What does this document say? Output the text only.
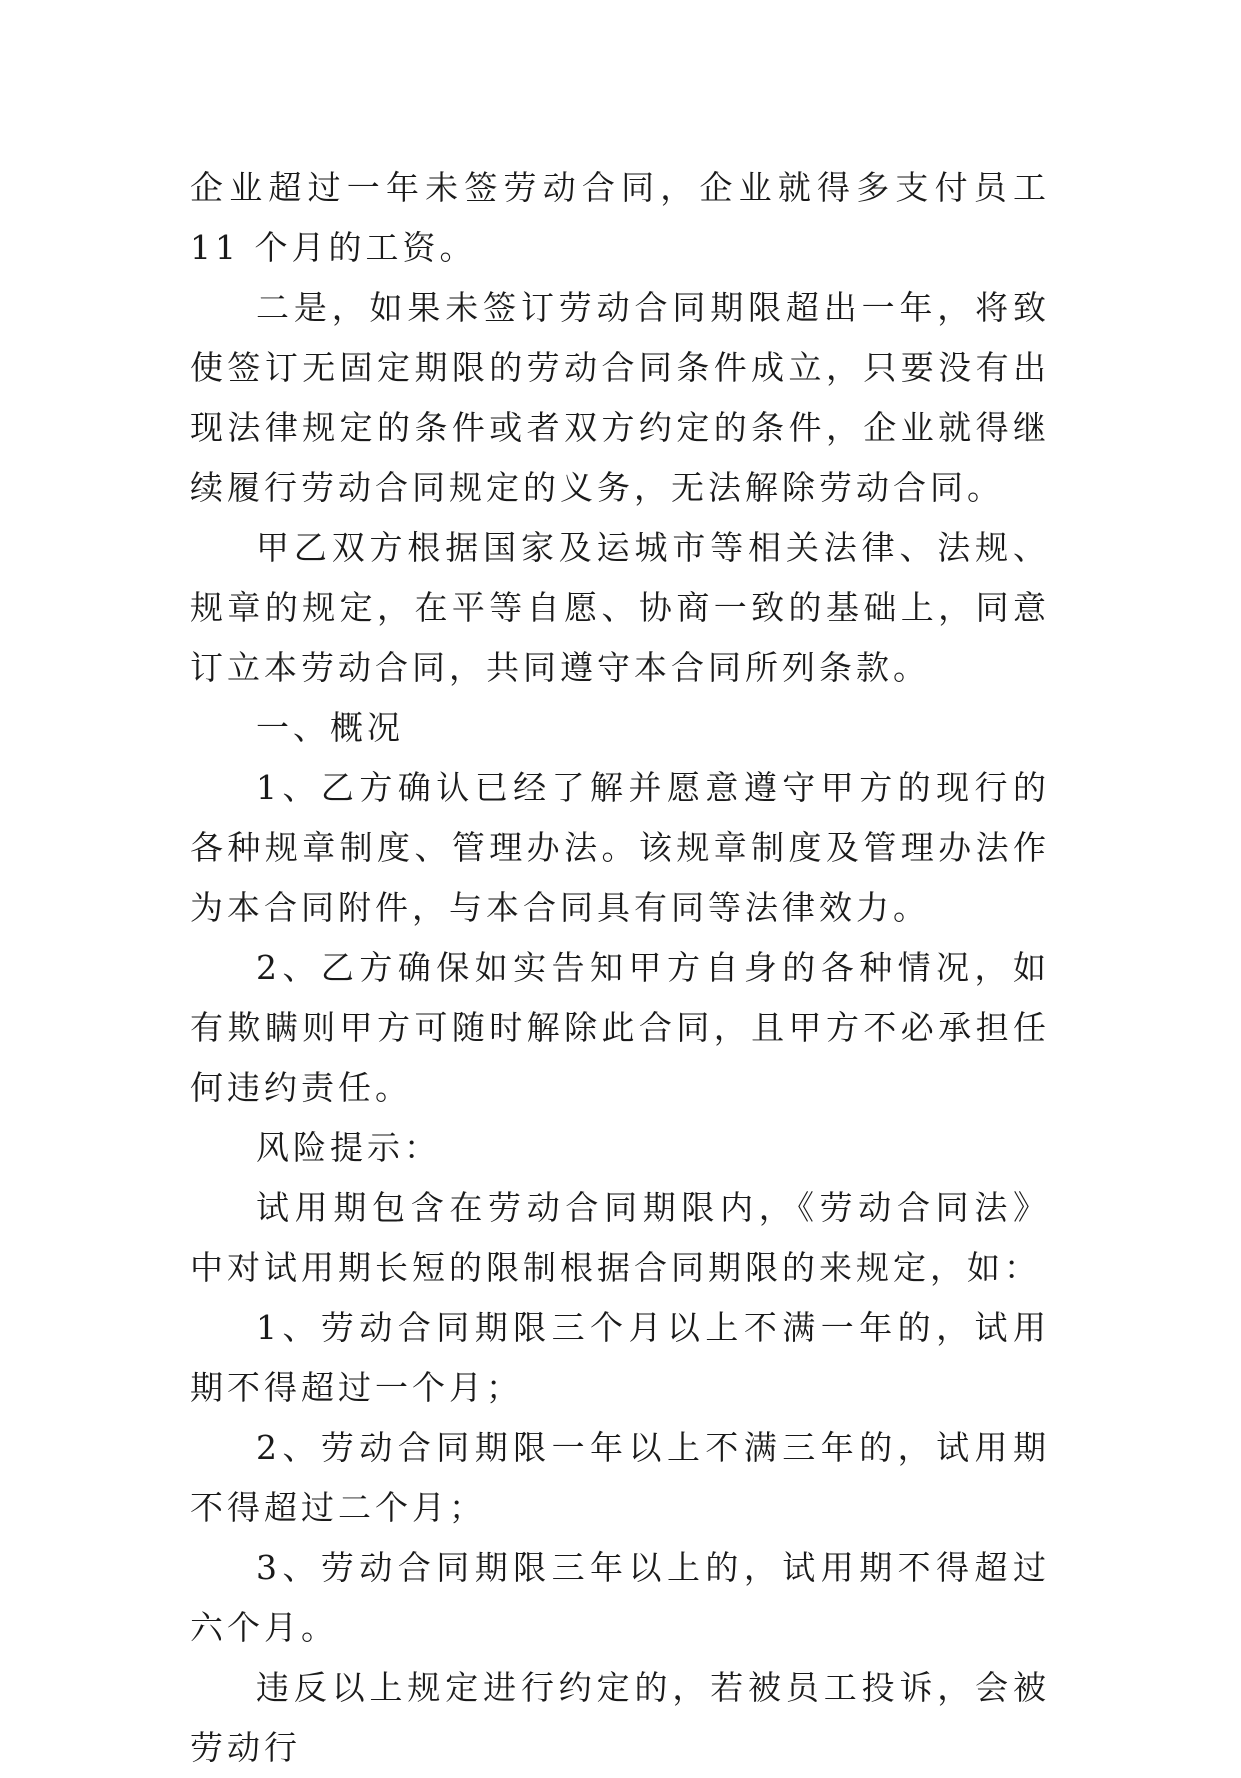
企业超过一年未签劳动合同，企业就得多支付员工 11 个月的工资。

二是，如果未签订劳动合同期限超出一年，将致使签订无固定期限的劳动合同条件成立，只要没有出现法律规定的条件或者双方约定的条件，企业就得继续履行劳动合同规定的义务，无法解除劳动合同。

甲乙双方根据国家及运城市等相关法律、法规、规章的规定，在平等自愿、协商一致的基础上，同意订立本劳动合同，共同遵守本合同所列条款。

一、概况

1、乙方确认已经了解并愿意遵守甲方的现行的各种规章制度、管理办法。该规章制度及管理办法作为本合同附件，与本合同具有同等法律效力。

2、乙方确保如实告知甲方自身的各种情况，如有欺瞒则甲方可随时解除此合同，且甲方不必承担任何违约责任。

风险提示：

试用期包含在劳动合同期限内，《劳动合同法》中对试用期长短的限制根据合同期限的来规定，如：

1、劳动合同期限三个月以上不满一年的，试用期不得超过一个月；

2、劳动合同期限一年以上不满三年的，试用期不得超过二个月；

3、劳动合同期限三年以上的，试用期不得超过六个月。

违反以上规定进行约定的，若被员工投诉，会被劳动行
